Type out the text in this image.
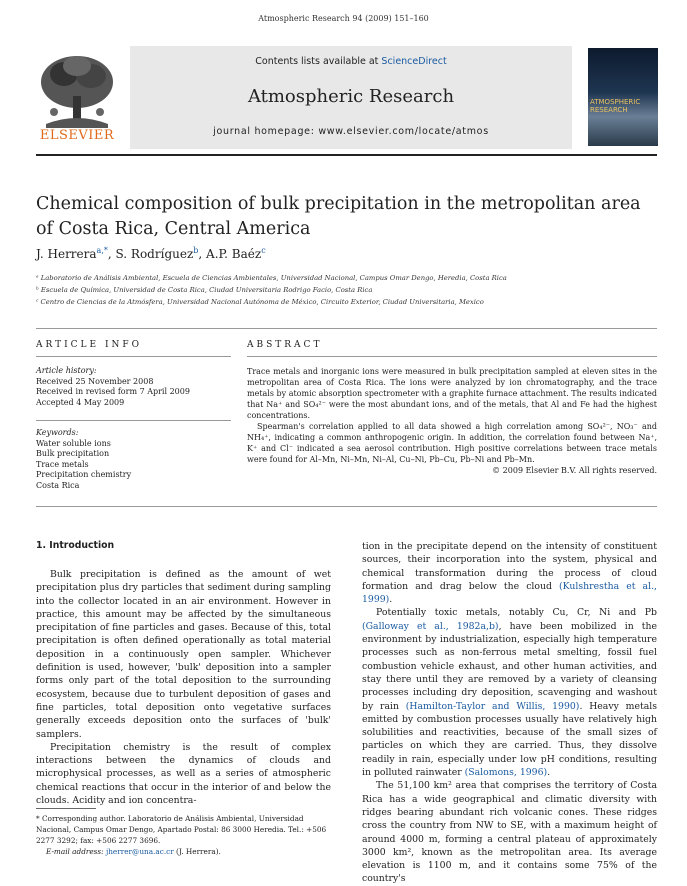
Atmospheric Research 94 (2009) 151–160
Contents lists available at ScienceDirect
Atmospheric Research
journal homepage: www.elsevier.com/locate/atmos
ELSEVIER
ATMOSPHERIC RESEARCH
Chemical composition of bulk precipitation in the metropolitan area of Costa Rica, Central America
J. Herrera$^{a,*}$, S. Rodríguez$^b$, A.P. Baéz$^c$
ᵃ Laboratorio de Análisis Ambiental, Escuela de Ciencias Ambientales, Universidad Nacional, Campus Omar Dengo, Heredia, Costa Rica
ᵇ Escuela de Química, Universidad de Costa Rica, Ciudad Universitaria Rodrigo Facio, Costa Rica
ᶜ Centro de Ciencias de la Atmósfera, Universidad Nacional Autónoma de México, Circuito Exterior, Ciudad Universitaria, Mexico
ARTICLE INFO	ABSTRACT
Article history:
Received 25 November 2008
Received in revised form 7 April 2009
Accepted 4 May 2009
Keywords:
Water soluble ions
Bulk precipitation
Trace metals
Precipitation chemistry
Costa Rica

Trace metals and inorganic ions were measured in bulk precipitation sampled at eleven sites in the metropolitan area of Costa Rica. The ions were analyzed by ion chromatography, and the trace metals by atomic absorption spectrometer with a graphite furnace attachment. The results indicated that Na⁺ and SO₄²⁻ were the most abundant ions, and of the metals, that Al and Fe had the highest concentrations.

Spearman's correlation applied to all data showed a high correlation among SO₄²⁻, NO₃⁻ and NH₄⁺, indicating a common anthropogenic origin. In addition, the correlation found between Na⁺, K⁺ and Cl⁻ indicated a sea aerosol contribution. High positive correlations between trace metals were found for Al–Mn, Ni–Mn, Ni–Al, Cu–Ni, Pb–Cu, Pb–Ni and Pb–Mn.

© 2009 Elsevier B.V. All rights reserved.

1. Introduction

Bulk precipitation is defined as the amount of wet precipitation plus dry particles that sediment during sampling into the collector located in an air environment. However in practice, this amount may be affected by the simultaneous precipitation of fine particles and gases. Because of this, total precipitation is often defined operationally as total material deposition in a continuously open sampler. Whichever definition is used, however, 'bulk' deposition into a sampler forms only part of the total deposition to the surrounding ecosystem, because due to turbulent deposition of gases and fine particles, total deposition onto vegetative surfaces generally exceeds deposition onto the surfaces of 'bulk' samplers.

Precipitation chemistry is the result of complex interactions between the dynamics of clouds and microphysical processes, as well as a series of atmospheric chemical reactions that occur in the interior of and below the clouds. Acidity and ion concentra-

tion in the precipitate depend on the intensity of constituent sources, their incorporation into the system, physical and chemical transformation during the process of cloud formation and drag below the cloud (Kulshrestha et al., 1999).

Potentially toxic metals, notably Cu, Cr, Ni and Pb (Galloway et al., 1982a,b), have been mobilized in the environment by industrialization, especially high temperature processes such as non-ferrous metal smelting, fossil fuel combustion vehicle exhaust, and other human activities, and stay there until they are removed by a variety of cleansing processes including dry deposition, scavenging and washout by rain (Hamilton-Taylor and Willis, 1990). Heavy metals emitted by combustion processes usually have relatively high solubilities and reactivities, because of the small sizes of particles on which they are carried. Thus, they dissolve readily in rain, especially under low pH conditions, resulting in polluted rainwater (Salomons, 1996).

The 51,100 km² area that comprises the territory of Costa Rica has a wide geographical and climatic diversity with ridges bearing abundant rich volcanic cones. These ridges cross the country from NW to SE, with a maximum height of around 4000 m, forming a central plateau of approximately 3000 km², known as the metropolitan area. Its average elevation is 1100 m, and it contains some 75% of the country's

* Corresponding author. Laboratorio de Análisis Ambiental, Universidad Nacional, Campus Omar Dengo, Apartado Postal: 86 3000 Heredia. Tel.: +506 2277 3292; fax: +506 2277 3696.
E-mail address: jherrer@una.ac.cr (J. Herrera).
